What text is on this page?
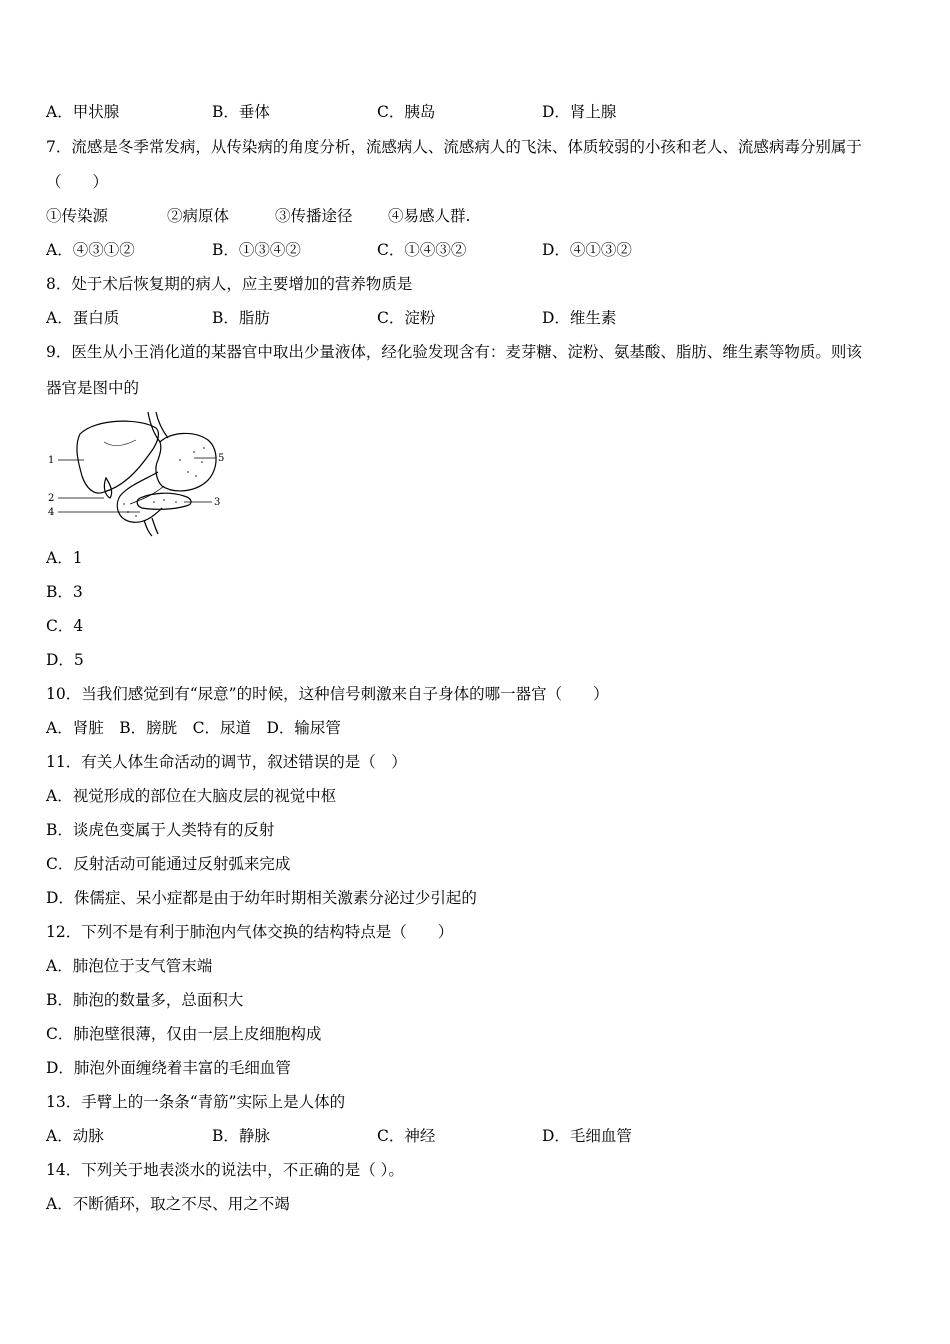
A．甲状腺	B．垂体	C．胰岛	D．肾上腺
7．流感是冬季常发病，从传染病的角度分析，流感病人、流感病人的飞沫、体质较弱的小孩和老人、流感病毒分别属于
（　　）
①传染源	②病原体	③传播途径 ④易感人群.
A．④③①②	B．①③④②	C．①④③②	D．④①③②
8．处于术后恢复期的病人，应主要增加的营养物质是
A．蛋白质	B．脂肪	C．淀粉	D．维生素
9．医生从小王消化道的某器官中取出少量液体，经化验发现含有：麦芽糖、淀粉、氨基酸、脂肪、维生素等物质。则该
器官是图中的
1
2
4
5
3
A．1
B．3
C．4
D．5
10．当我们感觉到有“尿意”的时候，这种信号刺激来自子身体的哪一器官（　　）
A．肾脏　B．膀胱　C．尿道　D．输尿管
11．有关人体生命活动的调节，叙述错误的是（　）
A．视觉形成的部位在大脑皮层的视觉中枢
B．谈虎色变属于人类特有的反射
C．反射活动可能通过反射弧来完成
D．侏儒症、呆小症都是由于幼年时期相关激素分泌过少引起的
12．下列不是有利于肺泡内气体交换的结构特点是（　　）
A．肺泡位于支气管末端
B．肺泡的数量多，总面积大
C．肺泡壁很薄，仅由一层上皮细胞构成
D．肺泡外面缠绕着丰富的毛细血管
13．手臂上的一条条“青筋”实际上是人体的
A．动脉	B．静脉	C．神经	D．毛细血管
14．下列关于地表淡水的说法中，不正确的是（ ）。
A．不断循环，取之不尽、用之不竭
